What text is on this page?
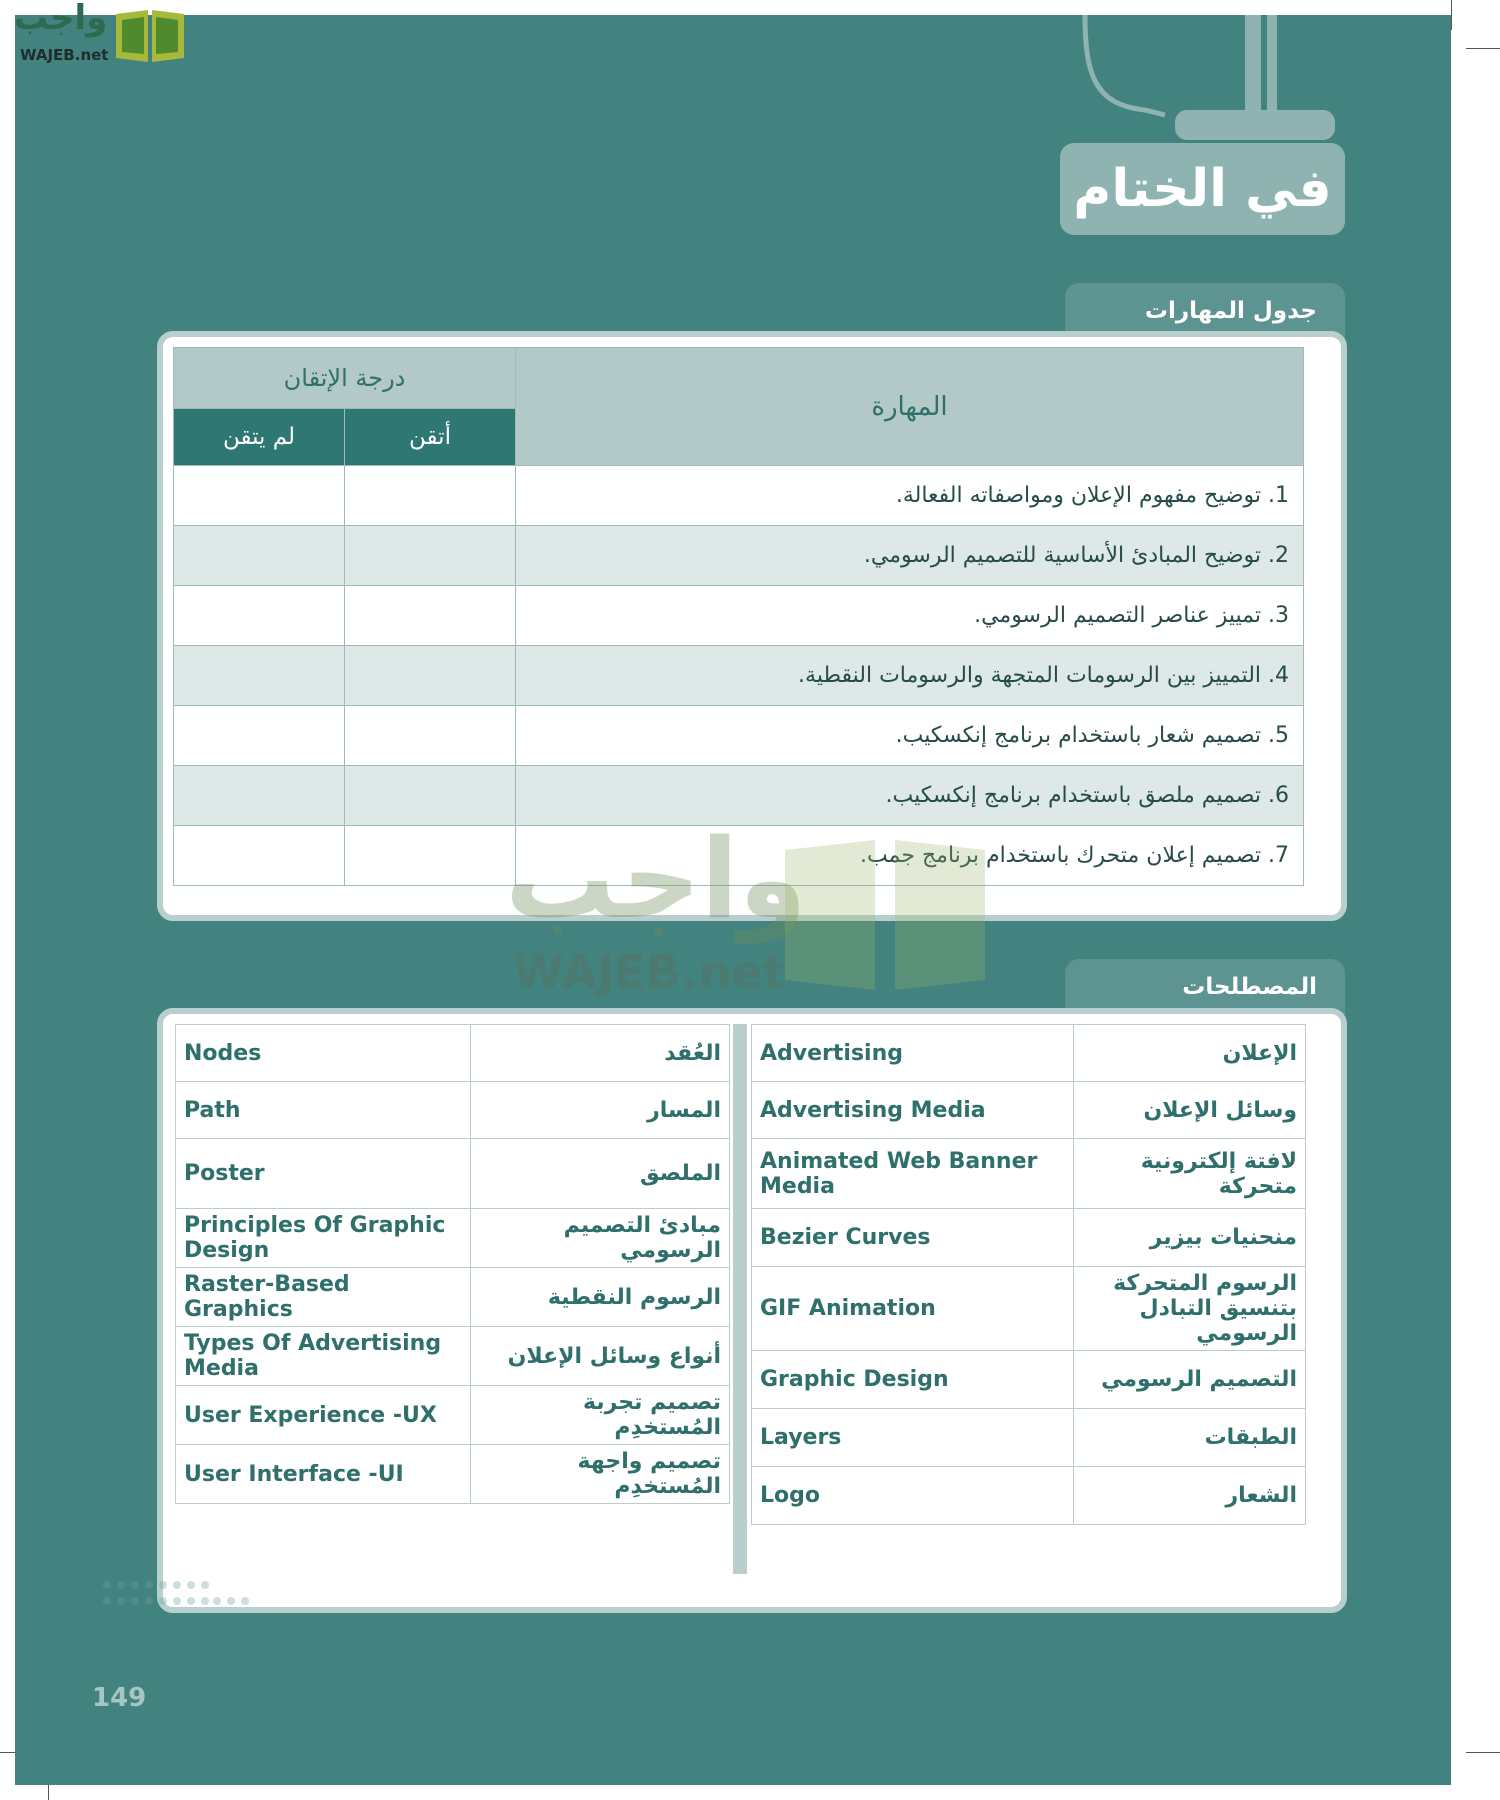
في الختام
جدول المهارات
المهارة	درجة الإتقان	
	أتقن	لم يتقن
1. توضيح مفهوم الإعلان ومواصفاته الفعالة.		
2. توضيح المبادئ الأساسية للتصميم الرسومي.		
3. تمييز عناصر التصميم الرسومي.		
4. التمييز بين الرسومات المتجهة والرسومات النقطية.		
5. تصميم شعار باستخدام برنامج إنكسكيب.		
6. تصميم ملصق باستخدام برنامج إنكسكيب.		
7. تصميم إعلان متحرك باستخدام برنامج جمب.		
المصطلحات
Nodes	العُقد
Path	المسار
Poster	الملصق
Principles Of Graphic Design	مبادئ التصميم الرسومي
Raster-Based Graphics	الرسوم النقطية
Types Of Advertising Media	أنواع وسائل الإعلان
User Experience -UX	تصميم تجربة المُستخدِم
User Interface -UI	تصميم واجهة المُستخدِم
Advertising	الإعلان
Advertising Media	وسائل الإعلان
Animated Web Banner Media	لافتة إلكترونية متحركة
Bezier Curves	منحنيات بيزير
GIF Animation	الرسوم المتحركة بتنسيق التبادل الرسومي
Graphic Design	التصميم الرسومي
Layers	الطبقات
Logo	الشعار
واجب
WAJEB.net
149
واجب
WAJEB.net
